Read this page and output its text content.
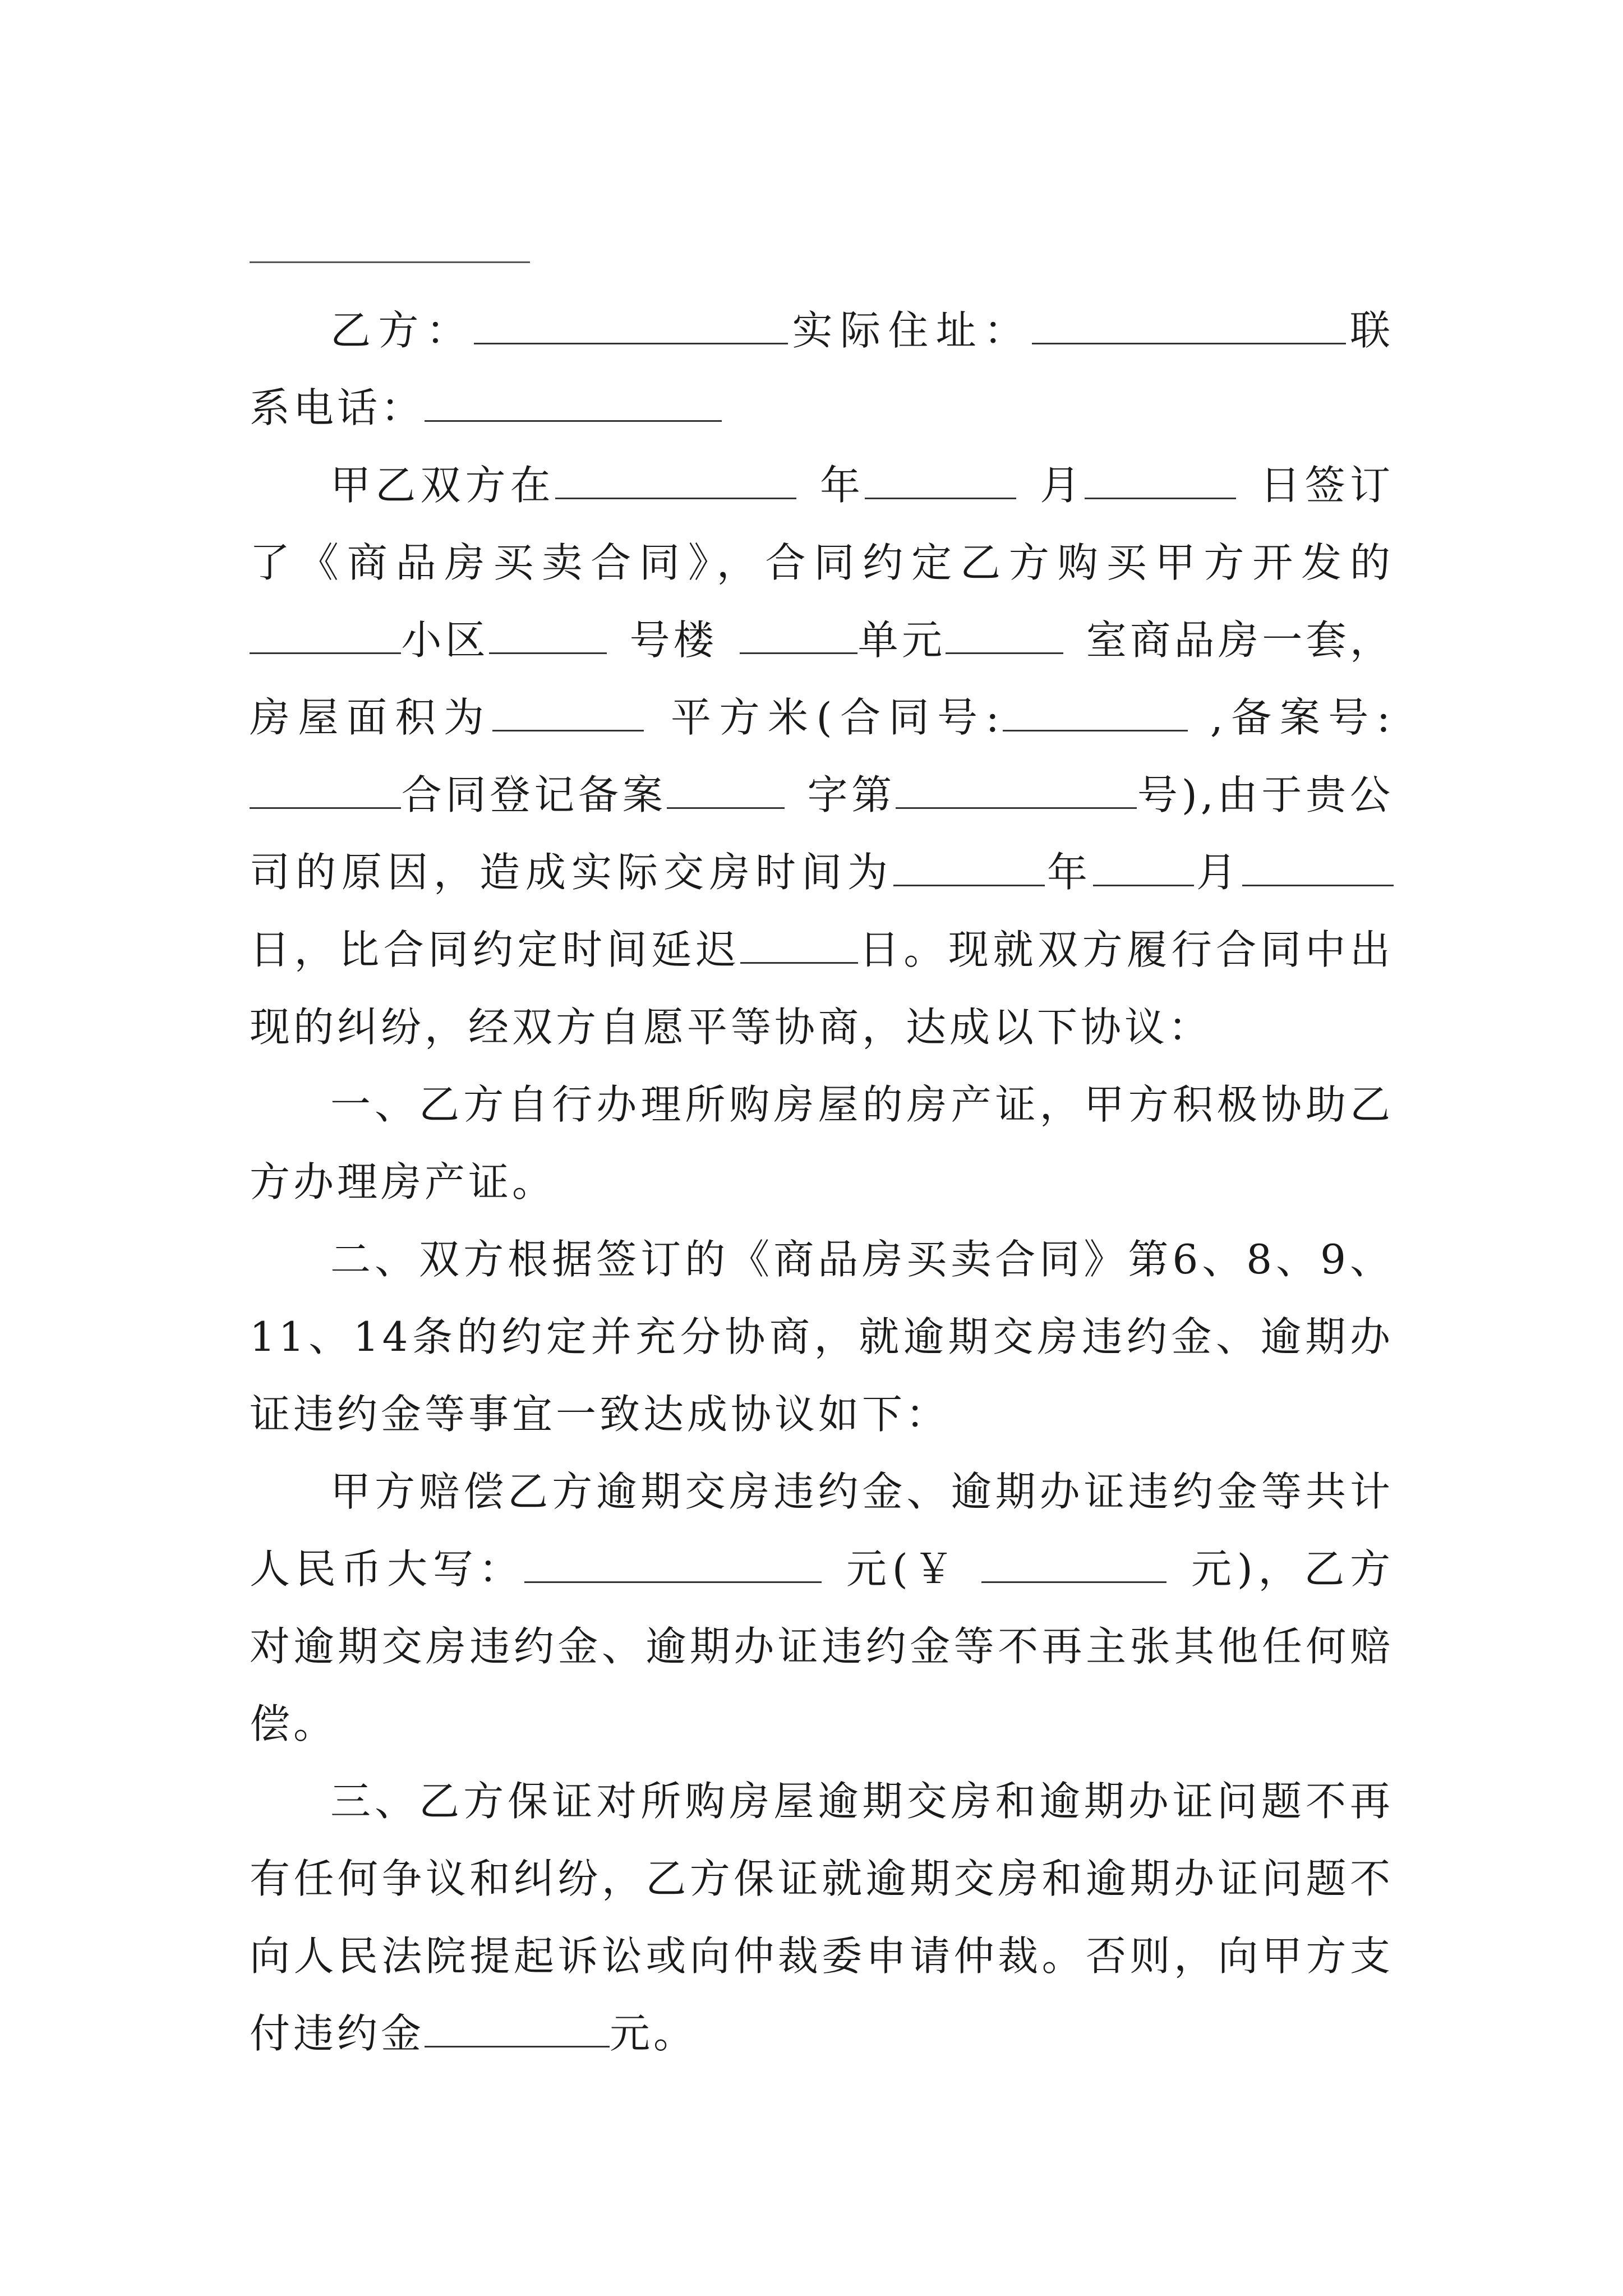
乙方：	实际住址：	联系电话：

甲乙双方在	年	月	日签订了《商品房买卖合同》，合同约定乙方购买甲方开发的小区	号楼	单元	室商品房一套，房屋面积为	平方米(合同号:	,备案号:合同登记备案	字第	号),由于贵公司的原因，造成实际交房时间为	年	月日，比合同约定时间延迟	日。现就双方履行合同中出现的纠纷，经双方自愿平等协商，达成以下协议：

一、乙方自行办理所购房屋的房产证，甲方积极协助乙方办理房产证。

二、双方根据签订的《商品房买卖合同》第6、8、9、11、14条的约定并充分协商，就逾期交房违约金、逾期办证违约金等事宜一致达成协议如下：

甲方赔偿乙方逾期交房违约金、逾期办证违约金等共计人民币大写：	元(￥	元)，乙方对逾期交房违约金、逾期办证违约金等不再主张其他任何赔偿。

三、乙方保证对所购房屋逾期交房和逾期办证问题不再有任何争议和纠纷，乙方保证就逾期交房和逾期办证问题不向人民法院提起诉讼或向仲裁委申请仲裁。否则，向甲方支付违约金	元。
